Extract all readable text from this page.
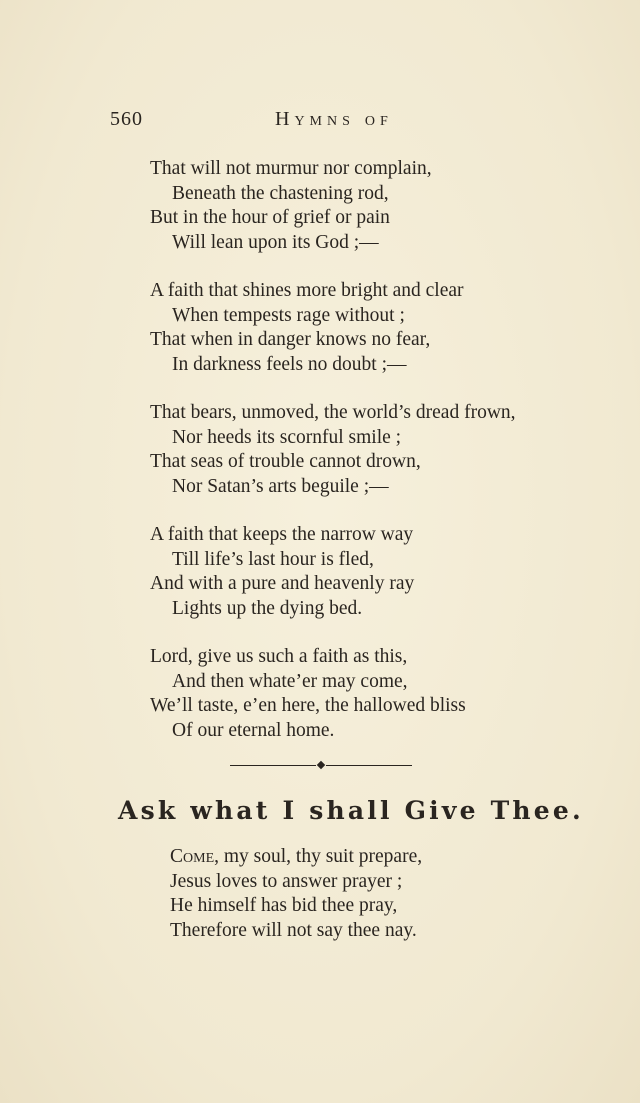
560	Hymns of
That will not murmur nor complain,
Beneath the chastening rod,
But in the hour of grief or pain
Will lean upon its God ;—
A faith that shines more bright and clear
When tempests rage without ;
That when in danger knows no fear,
In darkness feels no doubt ;—
That bears, unmoved, the world’s dread frown,
Nor heeds its scornful smile ;
That seas of trouble cannot drown,
Nor Satan’s arts beguile ;—
A faith that keeps the narrow way
Till life’s last hour is fled,
And with a pure and heavenly ray
Lights up the dying bed.
Lord, give us such a faith as this,
And then whate’er may come,
We’ll taste, e’en here, the hallowed bliss
Of our eternal home.
Ask what I shall Give Thee.
Come, my soul, thy suit prepare,
Jesus loves to answer prayer ;
He himself has bid thee pray,
Therefore will not say thee nay.
